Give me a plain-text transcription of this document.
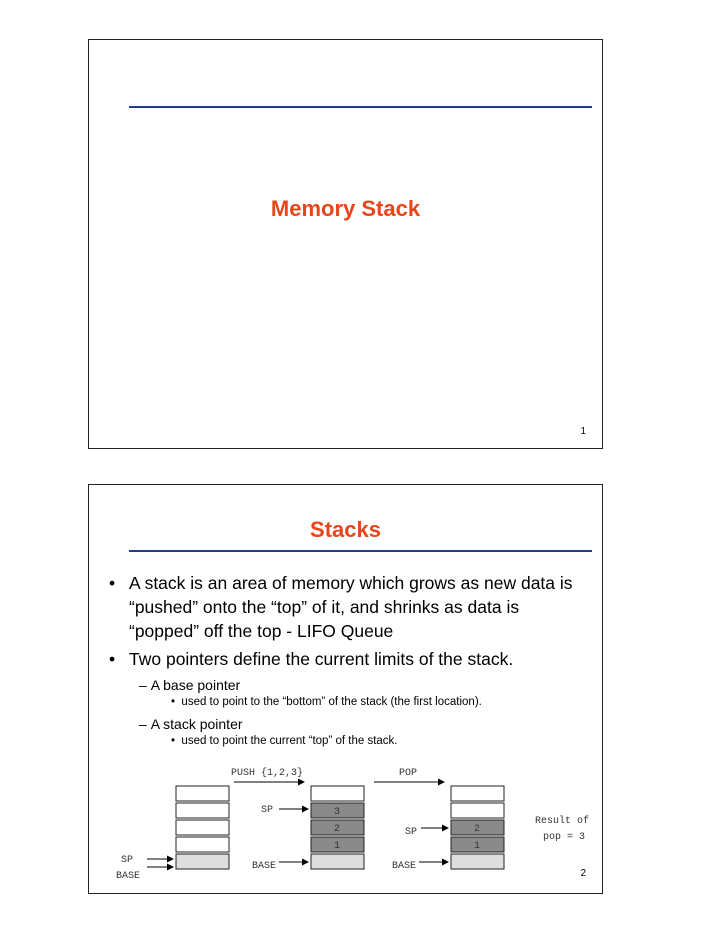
Memory Stack
1
Stacks
• A stack is an area of memory which grows as new data is “pushed” onto the “top” of it, and shrinks as data is “popped” off the top - LIFO Queue
• Two pointers define the current limits of the stack.
– A base pointer
• used to point to the “bottom” of the stack (the first location).
– A stack pointer
• used to point the current “top” of the stack.
PUSH {1,2,3}	POP
SP
BASE
3
2
1
SP
BASE
2
1
SP
BASE
Result of
pop = 3
2
